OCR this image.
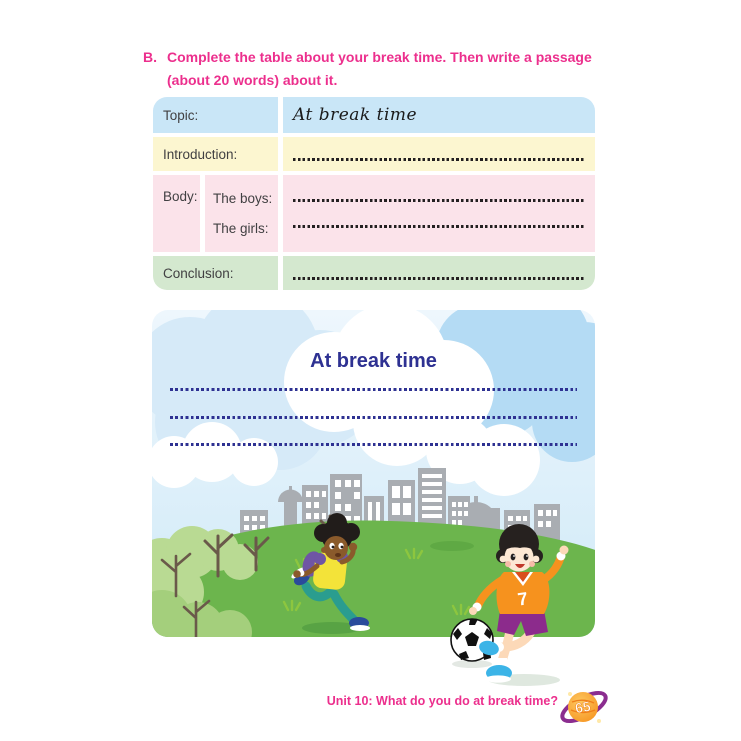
B. Complete the table about your break time. Then write a passage
(about 20 words) about it.
Topic:	At break time
Introduction:
Body: The boys:
The girls:
Conclusion:
7
At break time
Unit 10: What do you do at break time? 65
